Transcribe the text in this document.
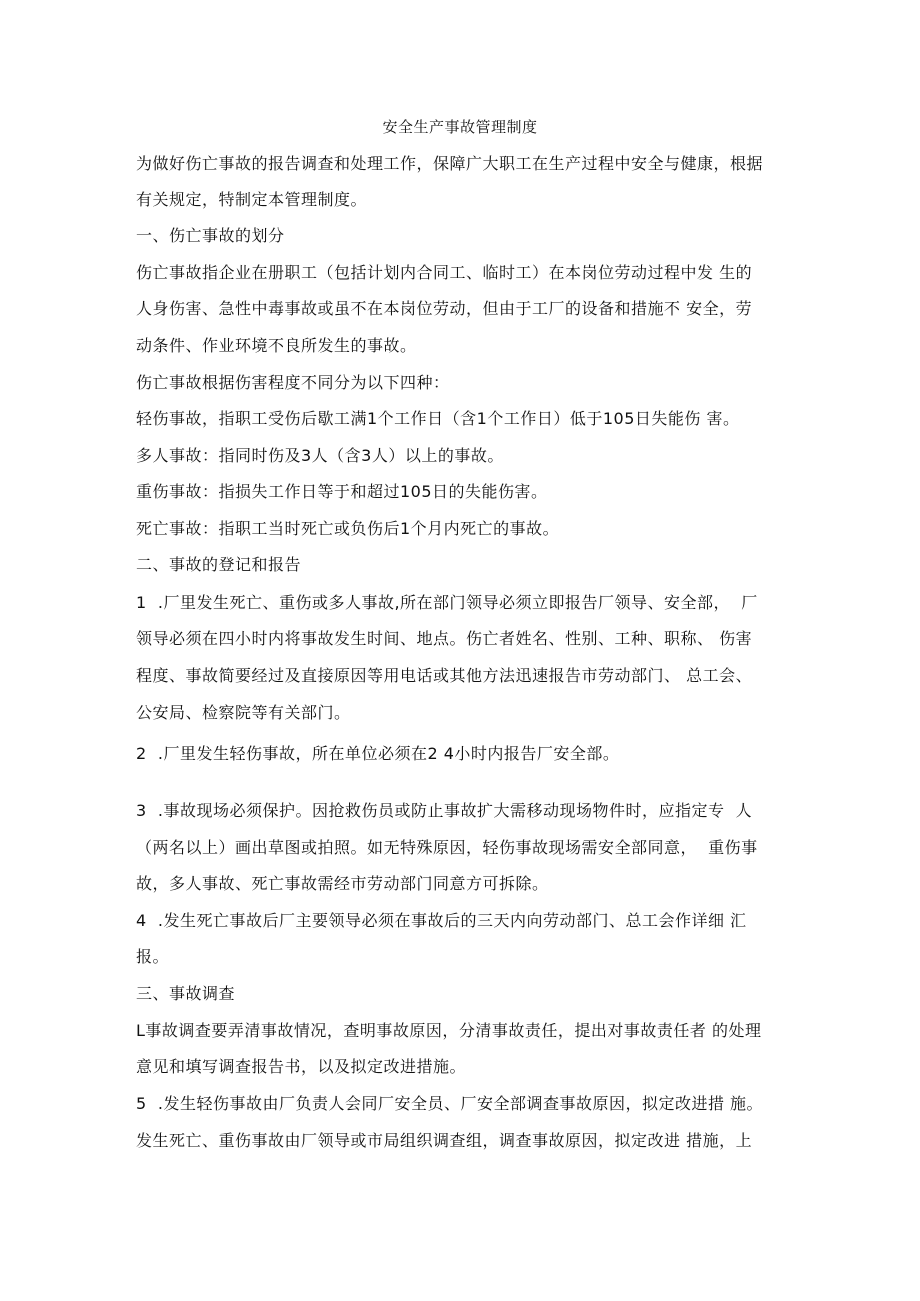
安全生产事故管理制度
为做好伤亡事故的报告调查和处理工作，保障广大职工在生产过程中安全与健康，根据
有关规定，特制定本管理制度。
一、伤亡事故的划分
伤亡事故指企业在册职工（包括计划内合同工、临时工）在本岗位劳动过程中发 生的
人身伤害、急性中毒事故或虽不在本岗位劳动，但由于工厂的设备和措施不 安全，劳
动条件、作业环境不良所发生的事故。
伤亡事故根据伤害程度不同分为以下四种：
轻伤事故，指职工受伤后歇工满1个工作日（含1个工作日）低于105日失能伤 害。
多人事故：指同时伤及3人（含3人）以上的事故。
重伤事故：指损失工作日等于和超过105日的失能伤害。
死亡事故：指职工当时死亡或负伤后1个月内死亡的事故。
二、事故的登记和报告
1  .厂里发生死亡、重伤或多人事故,所在部门领导必须立即报告厂领导、安全部，  厂
领导必须在四小时内将事故发生时间、地点。伤亡者姓名、性别、工种、职称、 伤害
程度、事故简要经过及直接原因等用电话或其他方法迅速报告市劳动部门、 总工会、
公安局、检察院等有关部门。
2  .厂里发生轻伤事故，所在单位必须在2 4小时内报告厂安全部。
3  .事故现场必须保护。因抢救伤员或防止事故扩大需移动现场物件时，应指定专  人
（两名以上）画出草图或拍照。如无特殊原因，轻伤事故现场需安全部同意，  重伤事
故，多人事故、死亡事故需经市劳动部门同意方可拆除。
4  .发生死亡事故后厂主要领导必须在事故后的三天内向劳动部门、总工会作详细 汇
报。
三、事故调查
L事故调查要弄清事故情况，查明事故原因，分清事故责任，提出对事故责任者 的处理
意见和填写调查报告书，以及拟定改进措施。
5  .发生轻伤事故由厂负责人会同厂安全员、厂安全部调查事故原因，拟定改进措 施。
发生死亡、重伤事故由厂领导或市局组织调查组，调查事故原因，拟定改进 措施，上
